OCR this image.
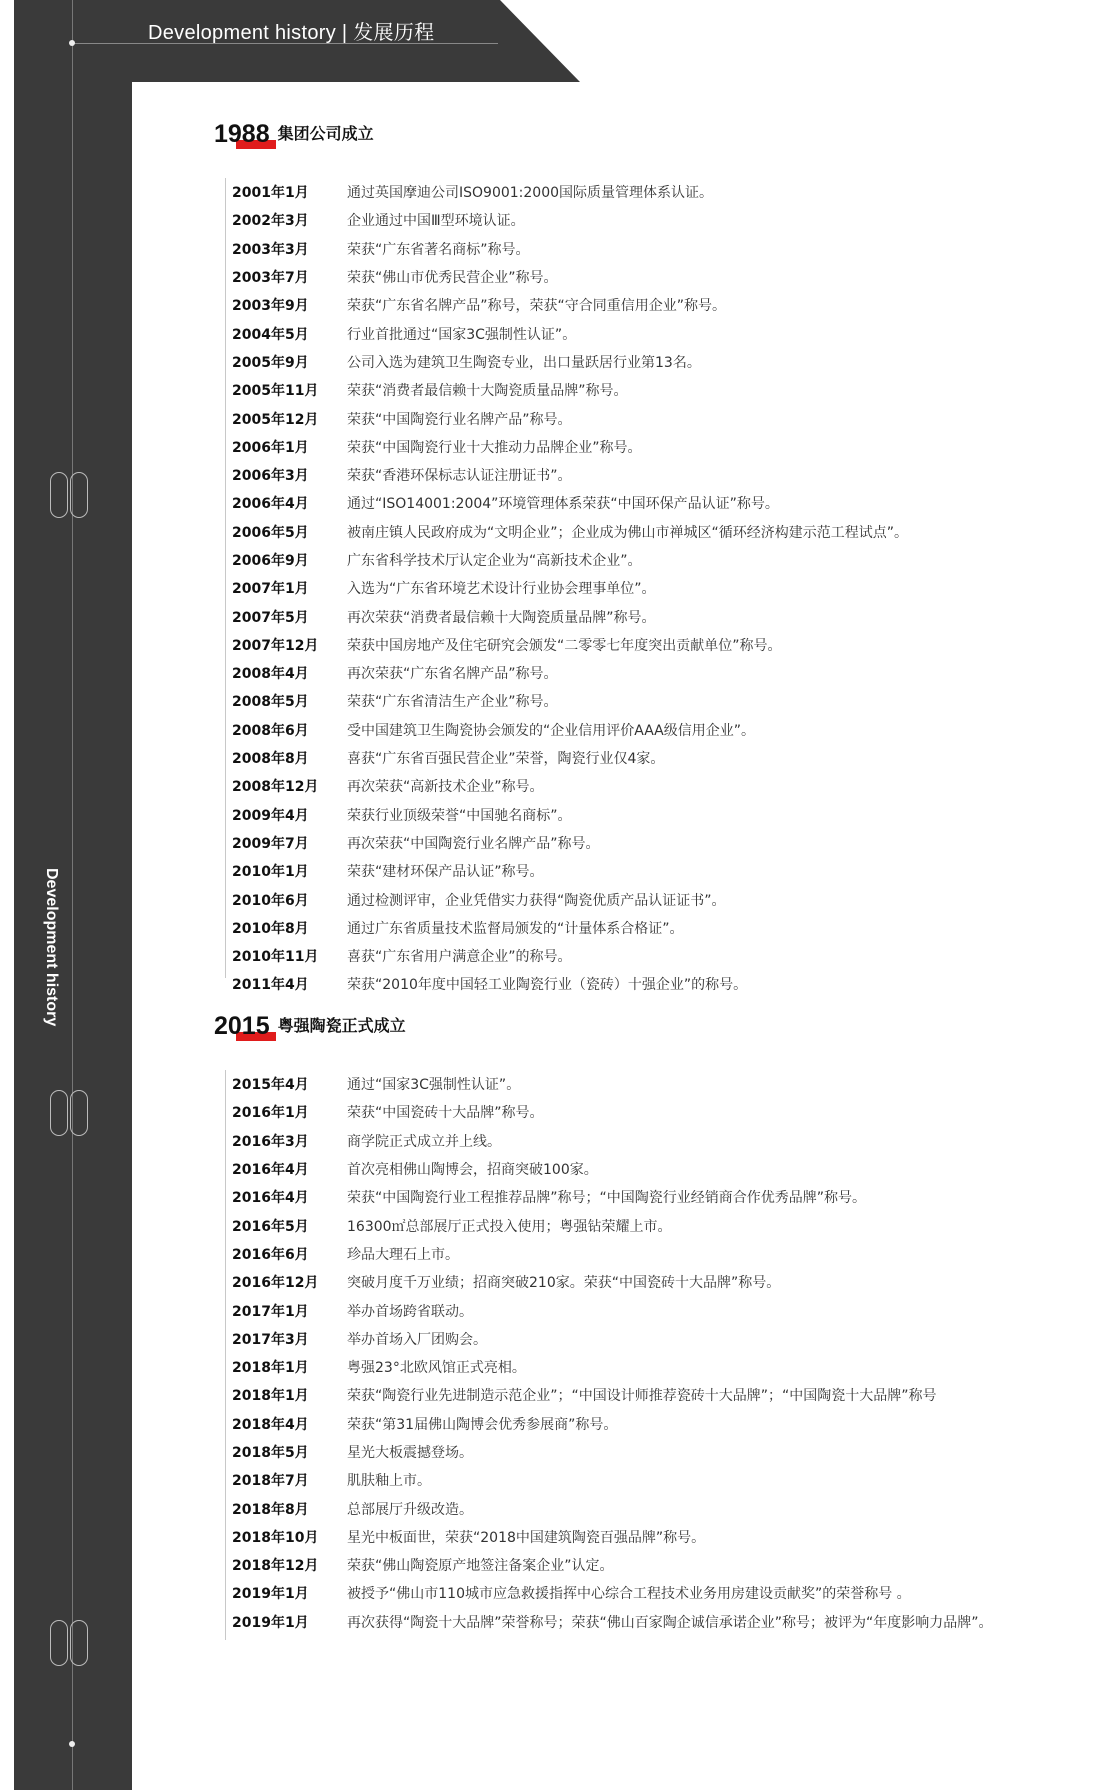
Development history | 发展历程
Development history
1988 集团公司成立
2001年1月	通过英国摩迪公司ISO9001:2000国际质量管理体系认证。
2002年3月	企业通过中国Ⅲ型环境认证。
2003年3月	荣获“广东省著名商标”称号。
2003年7月	荣获“佛山市优秀民营企业”称号。
2003年9月	荣获“广东省名牌产品”称号，荣获“守合同重信用企业”称号。
2004年5月	行业首批通过“国家3C强制性认证”。
2005年9月	公司入选为建筑卫生陶瓷专业，出口量跃居行业第13名。
2005年11月	荣获“消费者最信赖十大陶瓷质量品牌”称号。
2005年12月	荣获“中国陶瓷行业名牌产品”称号。
2006年1月	荣获“中国陶瓷行业十大推动力品牌企业”称号。
2006年3月	荣获“香港环保标志认证注册证书”。
2006年4月	通过“ISO14001:2004”环境管理体系荣获“中国环保产品认证”称号。
2006年5月	被南庄镇人民政府成为“文明企业”；企业成为佛山市禅城区“循环经济构建示范工程试点”。
2006年9月	广东省科学技术厅认定企业为“高新技术企业”。
2007年1月	入选为“广东省环境艺术设计行业协会理事单位”。
2007年5月	再次荣获“消费者最信赖十大陶瓷质量品牌”称号。
2007年12月	荣获中国房地产及住宅研究会颁发“二零零七年度突出贡献单位”称号。
2008年4月	再次荣获“广东省名牌产品”称号。
2008年5月	荣获“广东省清洁生产企业”称号。
2008年6月	受中国建筑卫生陶瓷协会颁发的“企业信用评价AAA级信用企业”。
2008年8月	喜获“广东省百强民营企业”荣誉，陶瓷行业仅4家。
2008年12月	再次荣获“高新技术企业”称号。
2009年4月	荣获行业顶级荣誉“中国驰名商标”。
2009年7月	再次荣获“中国陶瓷行业名牌产品”称号。
2010年1月	荣获“建材环保产品认证”称号。
2010年6月	通过检测评审，企业凭借实力获得“陶瓷优质产品认证证书”。
2010年8月	通过广东省质量技术监督局颁发的“计量体系合格证”。
2010年11月	喜获“广东省用户满意企业”的称号。
2011年4月	荣获“2010年度中国轻工业陶瓷行业（瓷砖）十强企业”的称号。
2015 粤强陶瓷正式成立
2015年4月	通过“国家3C强制性认证”。
2016年1月	荣获“中国瓷砖十大品牌”称号。
2016年3月	商学院正式成立并上线。
2016年4月	首次亮相佛山陶博会，招商突破100家。
2016年4月	荣获“中国陶瓷行业工程推荐品牌”称号；“中国陶瓷行业经销商合作优秀品牌”称号。
2016年5月	16300㎡总部展厅正式投入使用；粤强钻荣耀上市。
2016年6月	珍品大理石上市。
2016年12月	突破月度千万业绩；招商突破210家。荣获“中国瓷砖十大品牌”称号。
2017年1月	举办首场跨省联动。
2017年3月	举办首场入厂团购会。
2018年1月	粤强23°北欧风馆正式亮相。
2018年1月	荣获“陶瓷行业先进制造示范企业”；“中国设计师推荐瓷砖十大品牌”；“中国陶瓷十大品牌”称号
2018年4月	荣获“第31届佛山陶博会优秀参展商”称号。
2018年5月	星光大板震撼登场。
2018年7月	肌肤釉上市。
2018年8月	总部展厅升级改造。
2018年10月	星光中板面世，荣获“2018中国建筑陶瓷百强品牌”称号。
2018年12月	荣获“佛山陶瓷原产地签注备案企业”认定。
2019年1月	被授予“佛山市110城市应急救援指挥中心综合工程技术业务用房建设贡献奖”的荣誉称号 。
2019年1月	再次获得“陶瓷十大品牌”荣誉称号；荣获“佛山百家陶企诚信承诺企业”称号；被评为“年度影响力品牌”。
